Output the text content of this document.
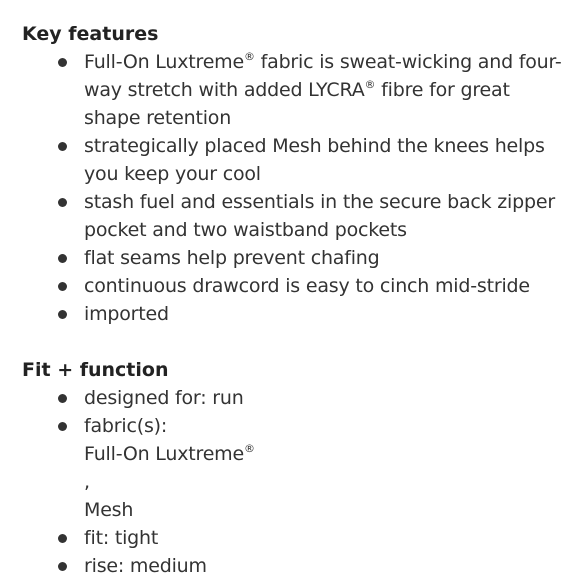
Key features
Full-On Luxtreme® fabric is sweat-wicking and four-way stretch with added LYCRA® fibre for great shape retention
strategically placed Mesh behind the knees helps you keep your cool
stash fuel and essentials in the secure back zipper pocket and two waistband pockets
flat seams help prevent chafing
continuous drawcord is easy to cinch mid-stride
imported
Fit + function
designed for: run
fabric(s):
Full-On Luxtreme®
,
Mesh
fit: tight
rise: medium
